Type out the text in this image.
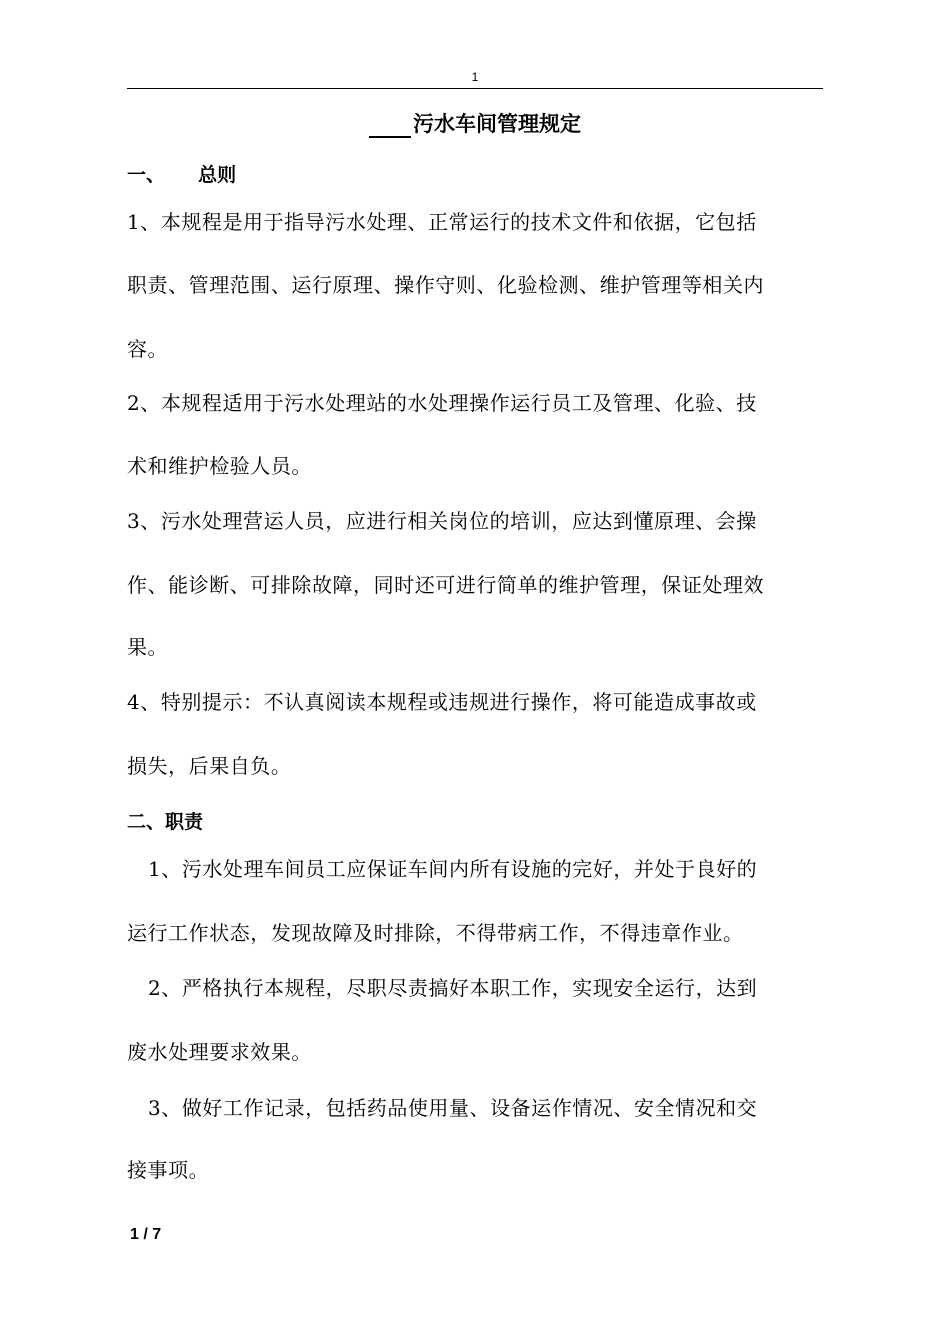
1
污水车间管理规定
一、     总则
1、本规程是用于指导污水处理、正常运行的技术文件和依据，它包括
职责、管理范围、运行原理、操作守则、化验检测、维护管理等相关内
容。
2、本规程适用于污水处理站的水处理操作运行员工及管理、化验、技
术和维护检验人员。
3、污水处理营运人员，应进行相关岗位的培训，应达到懂原理、会操
作、能诊断、可排除故障，同时还可进行简单的维护管理，保证处理效
果。
4、特别提示：不认真阅读本规程或违规进行操作，将可能造成事故或
损失，后果自负。
二、职责
1、污水处理车间员工应保证车间内所有设施的完好，并处于良好的
运行工作状态，发现故障及时排除，不得带病工作，不得违章作业。
2、严格执行本规程，尽职尽责搞好本职工作，实现安全运行，达到
废水处理要求效果。
3、做好工作记录，包括药品使用量、设备运作情况、安全情况和交
接事项。
1 / 7
